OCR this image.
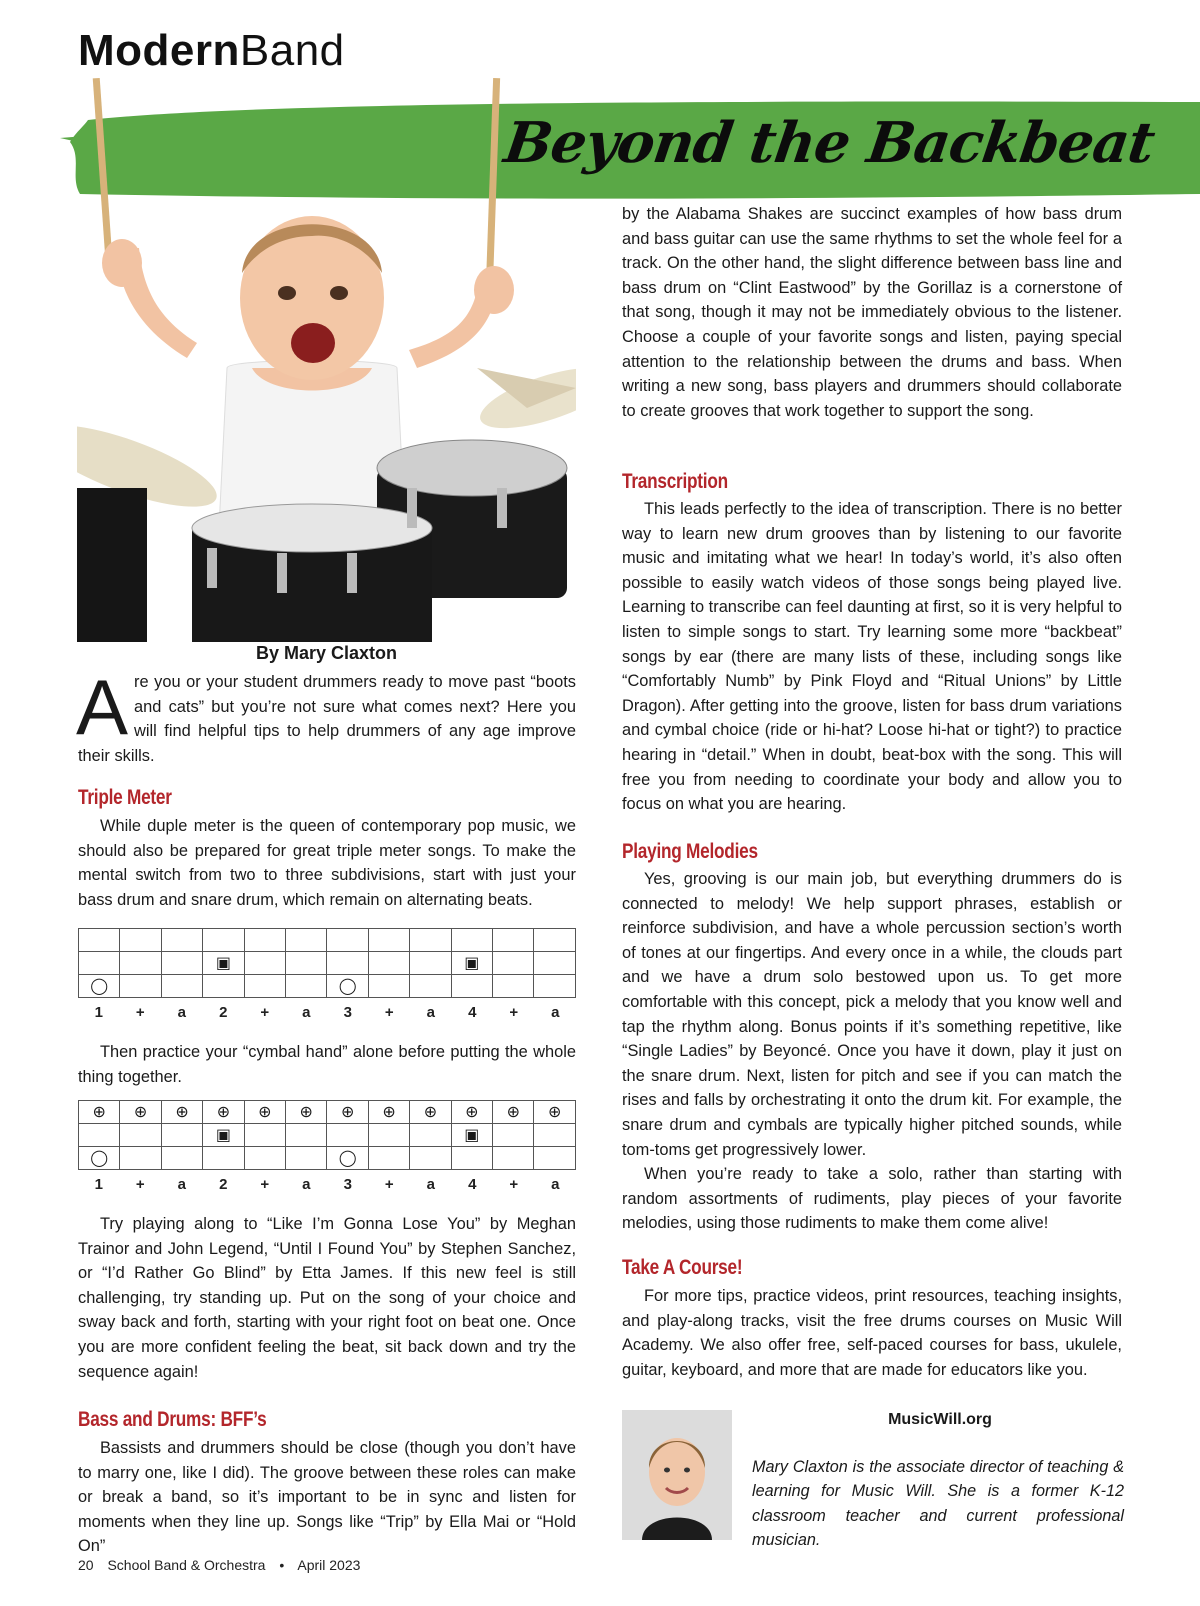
ModernBand
Beyond the Backbeat
By Mary Claxton
A re you or your student drummers ready to move past “boots and cats” but you’re not sure what comes next? Here you will find helpful tips to help drummers of any age improve their skills.

Triple Meter

While duple meter is the queen of contemporary pop music, we should also be prepared for great triple meter songs. To make the mental switch from two to three subdivisions, start with just your bass drum and snare drum, which remain on alternating beats.

			▣						▣		
◯						◯					
1	+	a	2	+	a	3	+	a	4	+	a

Then practice your “cymbal hand” alone before putting the whole thing together.

⊕	⊕	⊕	⊕	⊕	⊕	⊕	⊕	⊕	⊕	⊕	⊕
			▣						▣		
◯						◯					
1	+	a	2	+	a	3	+	a	4	+	a

Try playing along to “Like I’m Gonna Lose You” by Meghan Trainor and John Legend, “Until I Found You” by Stephen Sanchez, or “I’d Rather Go Blind” by Etta James. If this new feel is still challenging, try standing up. Put on the song of your choice and sway back and forth, starting with your right foot on beat one. Once you are more confident feeling the beat, sit back down and try the sequence again!

Bass and Drums: BFF’s

Bassists and drummers should be close (though you don’t have to marry one, like I did). The groove between these roles can make or break a band, so it’s important to be in sync and listen for moments when they line up. Songs like “Trip” by Ella Mai or “Hold On”

by the Alabama Shakes are succinct examples of how bass drum and bass guitar can use the same rhythms to set the whole feel for a track. On the other hand, the slight difference between bass line and bass drum on “Clint Eastwood” by the Gorillaz is a cornerstone of that song, though it may not be immediately obvious to the listener. Choose a couple of your favorite songs and listen, paying special attention to the relationship between the drums and bass. When writing a new song, bass players and drummers should collaborate to create grooves that work together to support the song.

Transcription

This leads perfectly to the idea of transcription. There is no better way to learn new drum grooves than by listening to our favorite music and imitating what we hear! In today’s world, it’s also often possible to easily watch videos of those songs being played live. Learning to transcribe can feel daunting at first, so it is very helpful to listen to simple songs to start. Try learning some more “backbeat” songs by ear (there are many lists of these, including songs like “Comfortably Numb” by Pink Floyd and “Ritual Unions” by Little Dragon). After getting into the groove, listen for bass drum variations and cymbal choice (ride or hi-hat? Loose hi-hat or tight?) to practice hearing in “detail.” When in doubt, beat-box with the song. This will free you from needing to coordinate your body and allow you to focus on what you are hearing.

Playing Melodies

Yes, grooving is our main job, but everything drummers do is connected to melody! We help support phrases, establish or reinforce subdivision, and have a whole percussion section’s worth of tones at our fingertips. And every once in a while, the clouds part and we have a drum solo bestowed upon us. To get more comfortable with this concept, pick a melody that you know well and tap the rhythm along. Bonus points if it’s something repetitive, like “Single Ladies” by Beyoncé. Once you have it down, play it just on the snare drum. Next, listen for pitch and see if you can match the rises and falls by orchestrating it onto the drum kit. For example, the snare drum and cymbals are typically higher pitched sounds, while tom-toms get progressively lower.

When you’re ready to take a solo, rather than starting with random assortments of rudiments, play pieces of your favorite melodies, using those rudiments to make them come alive!

Take A Course!

For more tips, practice videos, print resources, teaching insights, and play-along tracks, visit the free drums courses on Music Will Academy. We also offer free, self-paced courses for bass, ukulele, guitar, keyboard, and more that are made for educators like you.

MusicWill.org
Mary Claxton is the associate director of teaching & learning for Music Will. She is a former K-12 classroom teacher and current professional musician.
20 School Band & Orchestra • April 2023
